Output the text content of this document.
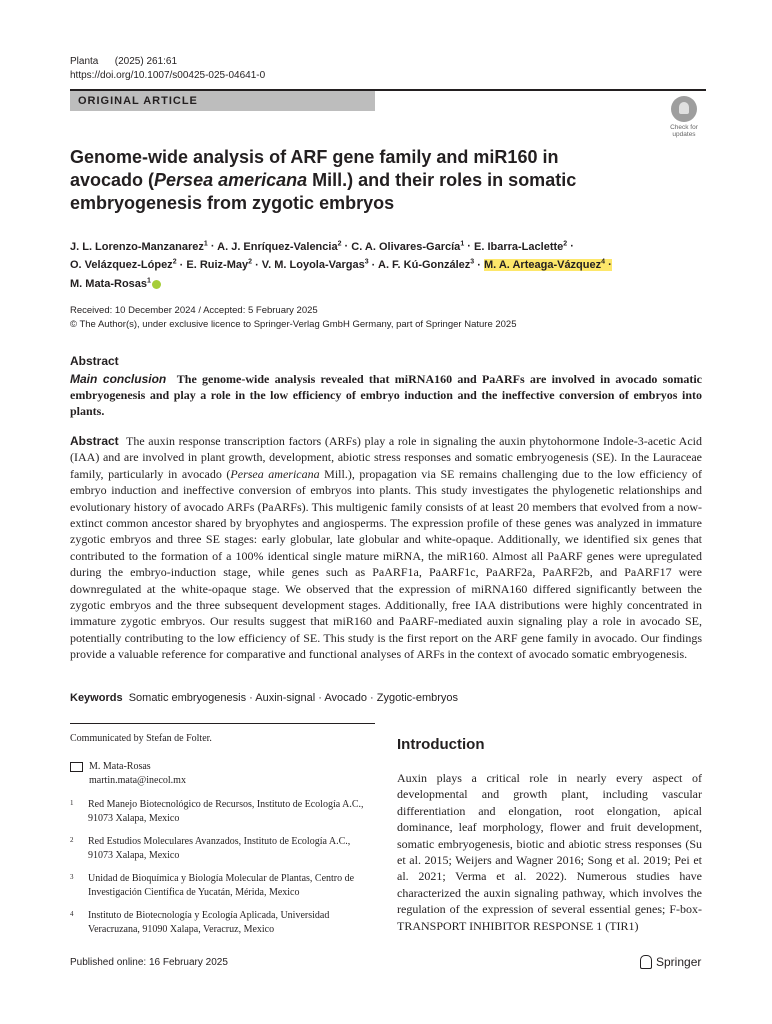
Planta (2025) 261:61
https://doi.org/10.1007/s00425-025-04641-0
ORIGINAL ARTICLE
Check for updates
Genome-wide analysis of ARF gene family and miR160 in avocado (Persea americana Mill.) and their roles in somatic embryogenesis from zygotic embryos
J. L. Lorenzo-Manzanarez$^1$ · A. J. Enríquez-Valencia$^2$ · C. A. Olivares-García$^1$ · E. Ibarra-Laclette$^2$ ·
O. Velázquez-López$^2$ · E. Ruiz-May$^2$ · V. M. Loyola-Vargas$^3$ · A. F. Kú-González$^3$ · M. A. Arteaga-Vázquez$^4$ ·
M. Mata-Rosas$^1$
Received: 10 December 2024 / Accepted: 5 February 2025
© The Author(s), under exclusive licence to Springer-Verlag GmbH Germany, part of Springer Nature 2025
Abstract
Main conclusion The genome-wide analysis revealed that miRNA160 and PaARFs are involved in avocado somatic embryogenesis and play a role in the low efficiency of embryo induction and the ineffective conversion of embryos into plants.
Abstract The auxin response transcription factors (ARFs) play a role in signaling the auxin phytohormone Indole-3-acetic Acid (IAA) and are involved in plant growth, development, abiotic stress responses and somatic embryogenesis (SE). In the Lauraceae family, particularly in avocado (Persea americana Mill.), propagation via SE remains challenging due to the low efficiency of embryo induction and ineffective conversion of embryos into plants. This study investigates the phylogenetic relationships and evolutionary history of avocado ARFs (PaARFs). This multigenic family consists of at least 20 members that evolved from a now-extinct common ancestor shared by bryophytes and angiosperms. The expression profile of these genes was analyzed in immature zygotic embryos and three SE stages: early globular, late globular and white-opaque. Additionally, we identified six genes that contributed to the formation of a 100% identical single mature miRNA, the miR160. Almost all PaARF genes were upregulated during the embryo-induction stage, while genes such as PaARF1a, PaARF1c, PaARF2a, PaARF2b, and PaARF17 were downregulated at the white-opaque stage. We observed that the expression of miRNA160 differed significantly between the zygotic embryos and the three subsequent development stages. Additionally, free IAA distributions were highly concentrated in immature zygotic embryos. Our results suggest that miR160 and PaARF-mediated auxin signaling play a role in avocado SE, potentially contributing to the low efficiency of SE. This study is the first report on the ARF gene family in avocado. Our findings provide a valuable reference for comparative and functional analyses of ARFs in the context of avocado somatic embryogenesis.
Keywords Somatic embryogenesis · Auxin-signal · Avocado · Zygotic-embryos
Communicated by Stefan de Folter.
M. Mata-Rosas
martin.mata@inecol.mx
1	Red Manejo Biotecnológico de Recursos, Instituto de Ecología A.C., 91073 Xalapa, Mexico
2	Red Estudios Moleculares Avanzados, Instituto de Ecología A.C., 91073 Xalapa, Mexico
3	Unidad de Bioquímica y Biología Molecular de Plantas, Centro de Investigación Científica de Yucatán, Mérida, Mexico
4	Instituto de Biotecnología y Ecología Aplicada, Universidad Veracruzana, 91090 Xalapa, Veracruz, Mexico
Introduction
Auxin plays a critical role in nearly every aspect of developmental and growth plant, including vascular differentiation and elongation, root elongation, apical dominance, leaf morphology, flower and fruit development, somatic embryogenesis, biotic and abiotic stress responses (Su et al. 2015; Weijers and Wagner 2016; Song et al. 2019; Pei et al. 2021; Verma et al. 2022). Numerous studies have characterized the auxin signaling pathway, which involves the regulation of the expression of several essential genes; F-box- TRANSPORT INHIBITOR RESPONSE 1 (TIR1)
Published online: 16 February 2025	Springer
